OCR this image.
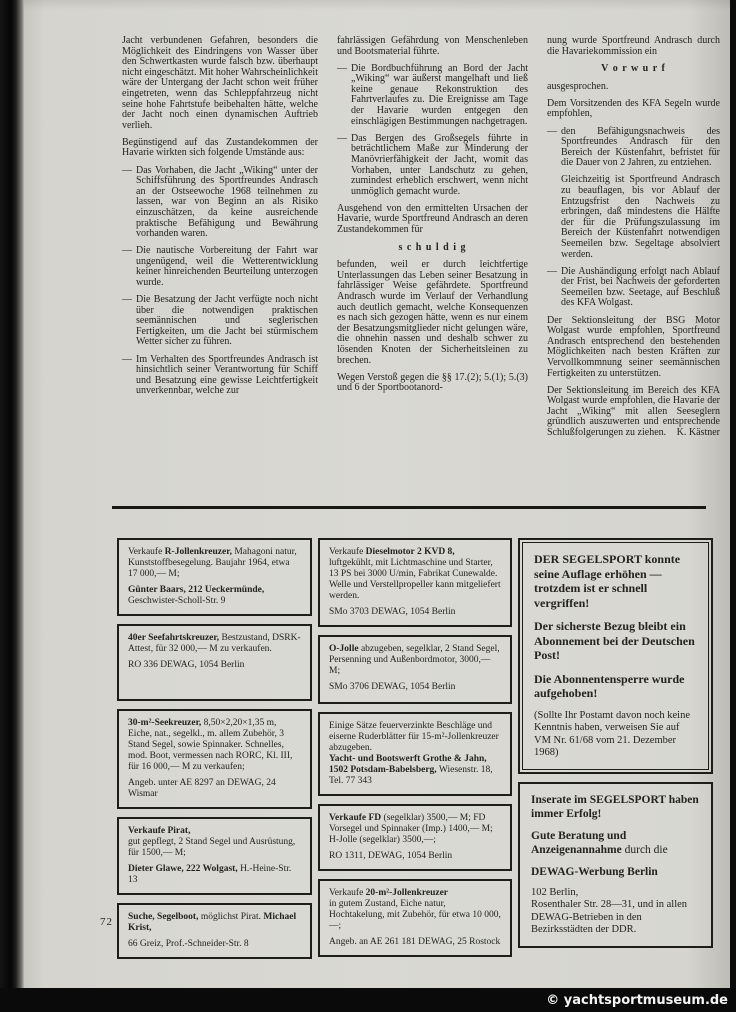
Jacht verbundenen Gefahren, besonders die Möglichkeit des Eindringens von Wasser über den Schwertkasten wurde falsch bzw. überhaupt nicht eingeschätzt. Mit hoher Wahrscheinlichkeit wäre der Untergang der Jacht schon weit früher eingetreten, wenn das Schleppfahrzeug nicht seine hohe Fahrtstufe beibehalten hätte, welche der Jacht noch einen dynamischen Auftrieb verlieh.

Begünstigend auf das Zustandekommen der Havarie wirkten sich folgende Umstände aus:

— Das Vorhaben, die Jacht „Wiking“ unter der Schiffsführung des Sportfreundes Andrasch an der Ostseewoche 1968 teilnehmen zu lassen, war von Beginn an als Risiko einzuschätzen, da keine ausreichende praktische Befähigung und Bewährung vorhanden waren.

— Die nautische Vorbereitung der Fahrt war ungenügend, weil die Wetterentwicklung keiner hinreichenden Beurteilung unterzogen wurde.

— Die Besatzung der Jacht verfügte noch nicht über die notwendigen praktischen seemännischen und seglerischen Fertigkeiten, um die Jacht bei stürmischem Wetter sicher zu führen.

— Im Verhalten des Sportfreundes Andrasch ist hinsichtlich seiner Verantwortung für Schiff und Besatzung eine gewisse Leichtfertigkeit unverkennbar, welche zur

fahrlässigen Gefährdung von Menschenleben und Bootsmaterial führte.

— Die Bordbuchführung an Bord der Jacht „Wiking“ war äußerst mangelhaft und ließ keine genaue Rekonstruktion des Fahrtverlaufes zu. Die Ereignisse am Tage der Havarie wurden entgegen den einschlägigen Bestimmungen nachgetragen.

— Das Bergen des Großsegels führte in beträchtlichem Maße zur Minderung der Manövrierfähigkeit der Jacht, womit das Vorhaben, unter Landschutz zu gehen, zumindest erheblich erschwert, wenn nicht unmöglich gemacht wurde.

Ausgehend von den ermittelten Ursachen der Havarie, wurde Sportfreund Andrasch an deren Zustandekommen für

s c h u l d i g

befunden, weil er durch leichtfertige Unterlassungen das Leben seiner Besatzung in fahrlässiger Weise gefährdete. Sportfreund Andrasch wurde im Verlauf der Verhandlung auch deutlich gemacht, welche Konsequenzen es nach sich gezogen hätte, wenn es nur einem der Besatzungsmitglieder nicht gelungen wäre, die ohnehin nassen und deshalb schwer zu lösenden Knoten der Sicherheitsleinen zu brechen.

Wegen Verstoß gegen die §§ 17.(2); 5.(1); 5.(3) und 6 der Sportbootanord-

nung wurde Sportfreund Andrasch durch die Havariekommission ein

V o r w u r f

ausgesprochen.

Dem Vorsitzenden des KFA Segeln wurde empfohlen,

— den Befähigungsnachweis des Sportfreundes Andrasch für den Bereich der Küstenfahrt, befristet für die Dauer von 2 Jahren, zu entziehen.

Gleichzeitig ist Sportfreund Andrasch zu beauflagen, bis vor Ablauf der Entzugsfrist den Nachweis zu erbringen, daß mindestens die Hälfte der für die Prüfungszulassung im Bereich der Küstenfahrt notwendigen Seemeilen bzw. Segeltage absolviert werden.

— Die Aushändigung erfolgt nach Ablauf der Frist, bei Nachweis der geforderten Seemeilen bzw. Seetage, auf Beschluß des KFA Wolgast.

Der Sektionsleitung der BSG Motor Wolgast wurde empfohlen, Sportfreund Andrasch entsprechend den bestehenden Möglichkeiten nach besten Kräften zur Vervollkommnung seiner seemännischen Fertigkeiten zu unterstützen.

Der Sektionsleitung im Bereich des KFA Wolgast wurde empfohlen, die Havarie der Jacht „Wiking“ mit allen Seeseglern gründlich auszuwerten und entsprechende Schlußfolgerungen zu ziehen. K. Kästner

Verkaufe R-Jollenkreuzer, Mahagoni natur, Kunststoffbesegelung. Baujahr 1964, etwa 17 000,— M;

Günter Baars, 212 Ueckermünde, Geschwister-Scholl-Str. 9

40er Seefahrtskreuzer, Bestzustand, DSRK-Attest, für 32 000,— M zu verkaufen.

RO 336 DEWAG, 1054 Berlin

30-m²-Seekreuzer, 8,50×2,20×1,35 m, Eiche, nat., segelkl., m. allem Zubehör, 3 Stand Segel, sowie Spinnaker. Schnelles, mod. Boot, vermessen nach RORC, Kl. III, für 16 000,— M zu verkaufen;

Angeb. unter AE 8297 an DEWAG, 24 Wismar

Verkaufe Pirat,

gut gepflegt, 2 Stand Segel und Ausrüstung, für 1500,— M;

Dieter Glawe, 222 Wolgast, H.-Heine-Str. 13

Suche, Segelboot, möglichst Pirat. Michael Krist,

66 Greiz, Prof.-Schneider-Str. 8

Verkaufe Dieselmotor 2 KVD 8, luftgekühlt, mit Lichtmaschine und Starter, 13 PS bei 3000 U/min, Fabrikat Cunewalde. Welle und Verstellpropeller kann mitgeliefert werden.

SMo 3703 DEWAG, 1054 Berlin

O-Jolle abzugeben, segelklar, 2 Stand Segel, Persenning und Außenbordmotor, 3000,— M;

SMo 3706 DEWAG, 1054 Berlin

Einige Sätze feuerverzinkte Beschläge und eiserne Ruderblätter für 15-m²-Jollenkreuzer abzugeben.

Yacht- und Bootswerft Grothe & Jahn, 1502 Potsdam-Babelsberg, Wiesenstr. 18, Tel. 77 343

Verkaufe FD (segelklar) 3500,— M; FD Vorsegel und Spinnaker (Imp.) 1400,— M; H-Jolle (segelklar) 3500,—;

RO 1311, DEWAG, 1054 Berlin

Verkaufe 20-m²-Jollenkreuzer

in gutem Zustand, Eiche natur, Hochtakelung, mit Zubehör, für etwa 10 000,—;

Angeb. an AE 261 181 DEWAG, 25 Rostock

DER SEGELSPORT konnte seine Auflage erhöhen — trotzdem ist er schnell vergriffen!

Der sicherste Bezug bleibt ein Abonnement bei der Deutschen Post!

Die Abonnentensperre wurde aufgehoben!

(Sollte Ihr Postamt davon noch keine Kenntnis haben, verweisen Sie auf VM Nr. 61/68 vom 21. Dezember 1968)

Inserate im SEGELSPORT haben immer Erfolg!

Gute Beratung und Anzeigenannahme durch die

DEWAG-Werbung Berlin

102 Berlin,
Rosenthaler Str. 28—31, und in allen DEWAG-Betrieben in den Bezirksstädten der DDR.

72
© yachtsportmuseum.de
